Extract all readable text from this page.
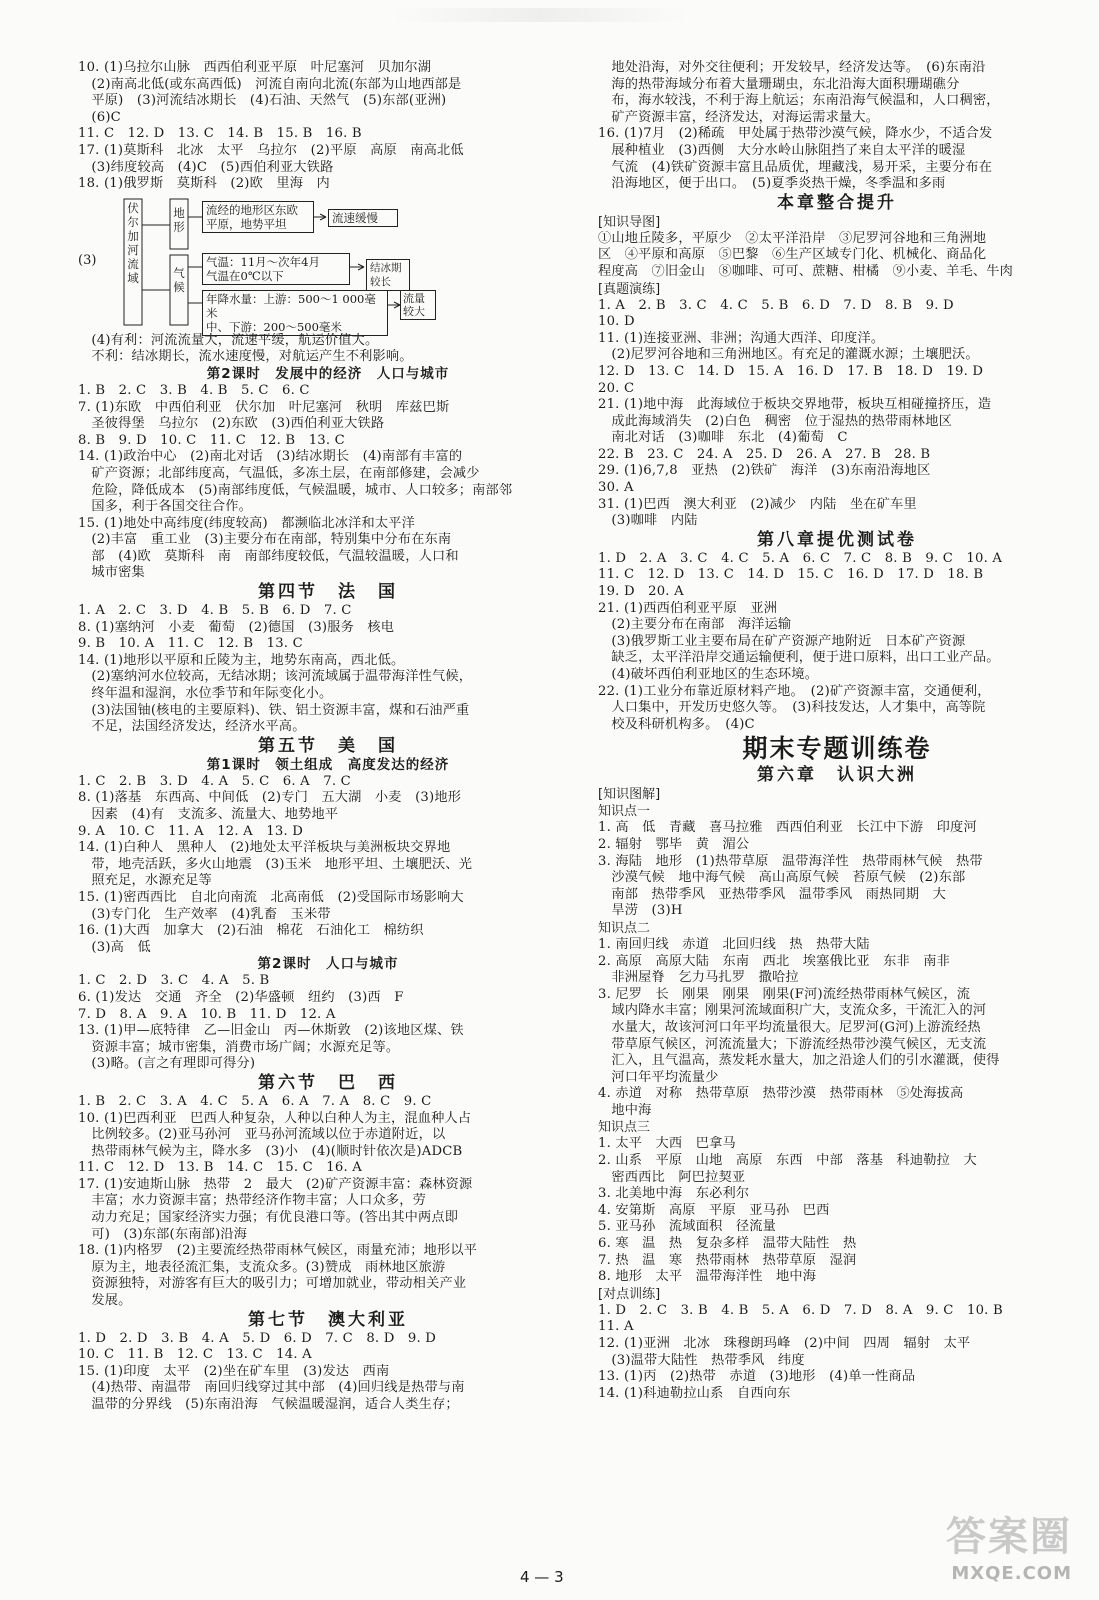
10. (1)乌拉尔山脉　西西伯利亚平原　叶尼塞河　贝加尔湖
　(2)南高北低(或东高西低)　河流自南向北流(东部为山地西部是
　平原)　(3)河流结冰期长　(4)石油、天然气　(5)东部(亚洲)
　(6)C
11. C　12. D　13. C　14. B　15. B　16. B
17. (1)莫斯科　北冰　太平　乌拉尔　(2)平原　高原　南高北低
　(3)纬度较高　(4)C　(5)西伯利亚大铁路
18. (1)俄罗斯　莫斯科　(2)欧　里海　内
(3)
伏尔加河流域
地形
气候
流经的地形区东欧
平原，地势平坦	流速缓慢
气温：11月～次年4月
气温在0℃以下
结冰期较长
年降水量：上游：500～1 000毫米
中、下游：200～500毫米
流量较大
　(4)有利：河流流量大，流速平缓，航运价值大。
　不利：结冰期长，流水速度慢，对航运产生不利影响。
第2课时　发展中的经济　人口与城市
1. B　2. C　3. B　4. B　5. C　6. C
7. (1)东欧　中西伯利亚　伏尔加　叶尼塞河　秋明　库兹巴斯
　圣彼得堡　乌拉尔　(2)东欧　(3)西伯利亚大铁路
8. B　9. D　10. C　11. C　12. B　13. C
14. (1)政治中心　(2)南北对话　(3)结冰期长　(4)南部有丰富的
　矿产资源；北部纬度高，气温低，多冻土层，在南部修建，会减少
　危险，降低成本　(5)南部纬度低，气候温暖，城市、人口较多；南部邻
　国多，利于各国交往合作。
15. (1)地处中高纬度(纬度较高)　都濒临北冰洋和太平洋
　(2)丰富　重工业　(3)主要分布在南部，特别集中分布在东南
　部　(4)欧　莫斯科　南　南部纬度较低，气温较温暖，人口和
　城市密集
第四节　法　国
1. A　2. C　3. D　4. B　5. B　6. D　7. C
8. (1)塞纳河　小麦　葡萄　(2)德国　(3)服务　核电
9. B　10. A　11. C　12. B　13. C
14. (1)地形以平原和丘陵为主，地势东南高，西北低。
　(2)塞纳河水位较高，无结冰期；该河流域属于温带海洋性气候，
　终年温和湿润，水位季节和年际变化小。
　(3)法国铀(核电的主要原料)、铁、铝土资源丰富，煤和石油严重
　不足，法国经济发达，经济水平高。
第五节　美　国
第1课时　领土组成　高度发达的经济
1. C　2. B　3. D　4. A　5. C　6. A　7. C
8. (1)落基　东西高、中间低　(2)专门　五大湖　小麦　(3)地形
　因素　(4)有　支流多、流量大、地势地平
9. A　10. C　11. A　12. A　13. D
14. (1)白种人　黑种人　(2)地处太平洋板块与美洲板块交界地
　带，地壳活跃，多火山地震　(3)玉米　地形平坦、土壤肥沃、光
　照充足，水源充足等
15. (1)密西西比　自北向南流　北高南低　(2)受国际市场影响大
　(3)专门化　生产效率　(4)乳畜　玉米带
16. (1)大西　加拿大　(2)石油　棉花　石油化工　棉纺织
　(3)高　低
第2课时　人口与城市
1. C　2. D　3. C　4. A　5. B
6. (1)发达　交通　齐全　(2)华盛顿　纽约　(3)西　F
7. D　8. A　9. A　10. B　11. D　12. A
13. (1)甲—底特律　乙—旧金山　丙—休斯敦　(2)该地区煤、铁
　资源丰富；城市密集，消费市场广阔；水源充足等。
　(3)略。(言之有理即可得分)
第六节　巴　西
1. B　2. C　3. A　4. C　5. A　6. A　7. A　8. C　9. C
10. (1)巴西利亚　巴西人种复杂，人种以白种人为主，混血种人占
　比例较多。(2)亚马孙河　亚马孙河流域以位于赤道附近，以
　热带雨林气候为主，降水多　(3)小　(4)(顺时针依次是)ADCB
11. C　12. D　13. B　14. C　15. C　16. A
17. (1)安迪斯山脉　热带　2　最大　(2)矿产资源丰富：森林资源
　丰富；水力资源丰富；热带经济作物丰富；人口众多，劳
　动力充足；国家经济实力强；有优良港口等。(答出其中两点即
　可)　(3)东部(东南部)沿海
18. (1)内格罗　(2)主要流经热带雨林气候区，雨量充沛；地形以平
　原为主，地表径流汇集，支流众多。(3)赞成　雨林地区旅游
　资源独特，对游客有巨大的吸引力；可增加就业，带动相关产业
　发展。
第七节　澳大利亚
1. D　2. D　3. B　4. A　5. D　6. D　7. C　8. D　9. D
10. C　11. B　12. C　13. C　14. A
15. (1)印度　太平　(2)坐在矿车里　(3)发达　西南
　(4)热带、南温带　南回归线穿过其中部　(4)回归线是热带与南
　温带的分界线　(5)东南沿海　气候温暖湿润，适合人类生存；
　地处沿海，对外交往便利；开发较早，经济发达等。　(6)东南沿
　海的热带海域分布着大量珊瑚虫，东北沿海大面积珊瑚礁分
　布，海水较浅，不利于海上航运；东南沿海气候温和，人口稠密，
　矿产资源丰富，经济发达，对海运需求量大。
16. (1)7月　(2)稀疏　甲处属于热带沙漠气候，降水少，不适合发
　展种植业　(3)西侧　大分水岭山脉阻挡了来自太平洋的暖湿
　气流　(4)铁矿资源丰富且品质优，埋藏浅，易开采，主要分布在
　沿海地区，便于出口。　(5)夏季炎热干燥，冬季温和多雨
本章整合提升
[知识导图]
①山地丘陵多，平原少　②太平洋沿岸　③尼罗河谷地和三角洲地
区　④平原和高原　⑤巴黎　⑥生产区域专门化、机械化、商品化
程度高　⑦旧金山　⑧咖啡、可可、蔗糖、柑橘　⑨小麦、羊毛、牛肉
[真题演练]
1. A　2. B　3. C　4. C　5. B　6. D　7. D　8. B　9. D
10. D
11. (1)连接亚洲、非洲；沟通大西洋、印度洋。
　(2)尼罗河谷地和三角洲地区。有充足的灌溉水源；土壤肥沃。
12. D　13. C　14. D　15. A　16. D　17. B　18. D　19. D
20. C
21. (1)地中海　此海域位于板块交界地带，板块互相碰撞挤压，造
　成此海域消失　(2)白色　稠密　位于湿热的热带雨林地区
　南北对话　(3)咖啡　东北　(4)葡萄　C
22. B　23. C　24. A　25. D　26. A　27. B　28. B
29. (1)6,7,8　亚热　(2)铁矿　海洋　(3)东南沿海地区
30. A
31. (1)巴西　澳大利亚　(2)减少　内陆　坐在矿车里
　(3)咖啡　内陆
第八章提优测试卷
1. D　2. A　3. C　4. C　5. A　6. C　7. C　8. B　9. C　10. A
11. C　12. D　13. C　14. D　15. C　16. D　17. D　18. B
19. D　20. A
21. (1)西西伯利亚平原　亚洲
　(2)主要分布在南部　海洋运输
　(3)俄罗斯工业主要布局在矿产资源产地附近　日本矿产资源
　缺乏，太平洋沿岸交通运输便利，便于进口原料，出口工业产品。
　(4)破坏西伯利亚地区的生态环境。
22. (1)工业分布靠近原材料产地。　(2)矿产资源丰富，交通便利，
　人口集中，开发历史悠久等。　(3)科技发达，人才集中，高等院
　校及科研机构多。　(4)C
期末专题训练卷
第六章　认识大洲
[知识图解]
知识点一
1. 高　低　青藏　喜马拉雅　西西伯利亚　长江中下游　印度河
2. 辐射　鄂毕　黄　湄公
3. 海陆　地形　(1)热带草原　温带海洋性　热带雨林气候　热带
　沙漠气候　地中海气候　高山高原气候　苔原气候　(2)东部
　南部　热带季风　亚热带季风　温带季风　雨热同期　大
　旱涝　(3)H
知识点二
1. 南回归线　赤道　北回归线　热　热带大陆
2. 高原　高原大陆　东南　西北　埃塞俄比亚　东非　南非
　非洲屋脊　乞力马扎罗　撒哈拉
3. 尼罗　长　刚果　刚果　刚果(F河)流经热带雨林气候区，流
　域内降水丰富；刚果河流域面积广大，支流众多，干流汇入的河
　水量大，故该河河口年平均流量很大。尼罗河(G河)上游流经热
　带草原气候区，河流流量大；下游流经热带沙漠气候区，无支流
　汇入，且气温高，蒸发耗水量大，加之沿途人们的引水灌溉，使得
　河口年平均流量少
4. 赤道　对称　热带草原　热带沙漠　热带雨林　⑤处海拔高
　地中海
知识点三
1. 太平　大西　巴拿马
2. 山系　平原　山地　高原　东西　中部　落基　科迪勒拉　大
　密西西比　阿巴拉契亚
3. 北美地中海　东必利尔
4. 安第斯　高原　平原　亚马孙　巴西
5. 亚马孙　流域面积　径流量
6. 寒　温　热　复杂多样　温带大陆性　热
7. 热　温　寒　热带雨林　热带草原　湿润
8. 地形　太平　温带海洋性　地中海
[对点训练]
1. D　2. C　3. B　4. B　5. A　6. D　7. D　8. A　9. C　10. B
11. A
12. (1)亚洲　北冰　珠穆朗玛峰　(2)中间　四周　辐射　太平
　(3)温带大陆性　热带季风　纬度
13. (1)丙　(2)热带　赤道　(3)地形　(4)单一性商品
14. (1)科迪勒拉山系　自西向东
4 — 3
答案圈
MXQE.COM
